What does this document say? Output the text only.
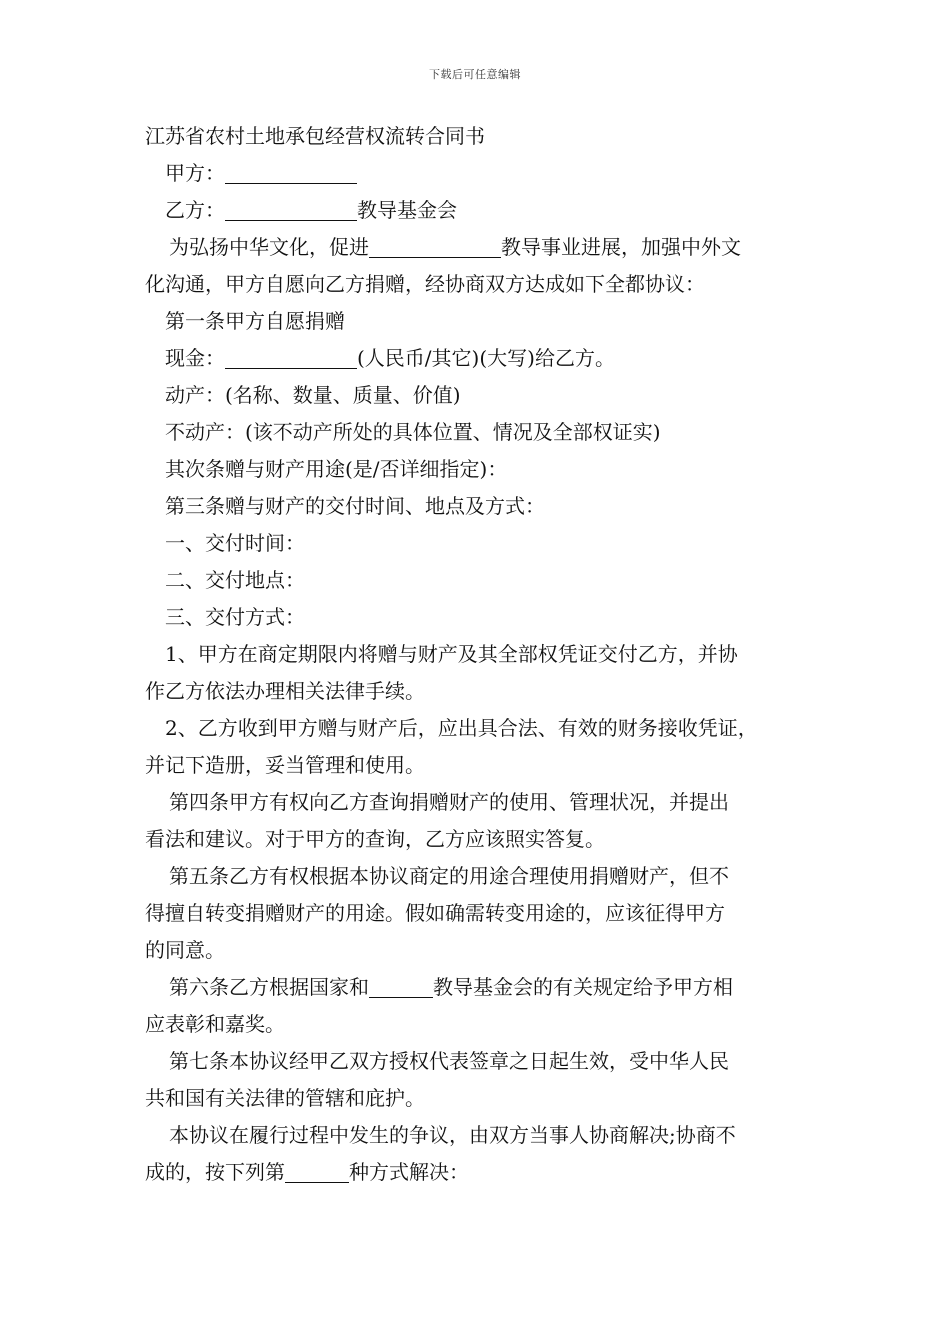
下载后可任意编辑
江苏省农村土地承包经营权流转合同书
甲方：
乙方：	教导基金会
为弘扬中华文化，促进	教导事业进展，加强中外文
化沟通，甲方自愿向乙方捐赠，经协商双方达成如下全都协议：
第一条甲方自愿捐赠
现金：	(人民币/其它)(大写)给乙方。
动产：(名称、数量、质量、价值)
不动产：(该不动产所处的具体位置、情况及全部权证实)
其次条赠与财产用途(是/否详细指定)：
第三条赠与财产的交付时间、地点及方式：
一、交付时间：
二、交付地点：
三、交付方式：
1、甲方在商定期限内将赠与财产及其全部权凭证交付乙方，并协
作乙方依法办理相关法律手续。
2、乙方收到甲方赠与财产后，应出具合法、有效的财务接收凭证，
并记下造册，妥当管理和使用。
第四条甲方有权向乙方查询捐赠财产的使用、管理状况，并提出
看法和建议。对于甲方的查询，乙方应该照实答复。
第五条乙方有权根据本协议商定的用途合理使用捐赠财产，但不
得擅自转变捐赠财产的用途。假如确需转变用途的，应该征得甲方
的同意。
第六条乙方根据国家和	教导基金会的有关规定给予甲方相
应表彰和嘉奖。
第七条本协议经甲乙双方授权代表签章之日起生效，受中华人民
共和国有关法律的管辖和庇护。
本协议在履行过程中发生的争议，由双方当事人协商解决;协商不
成的，按下列第	种方式解决：
